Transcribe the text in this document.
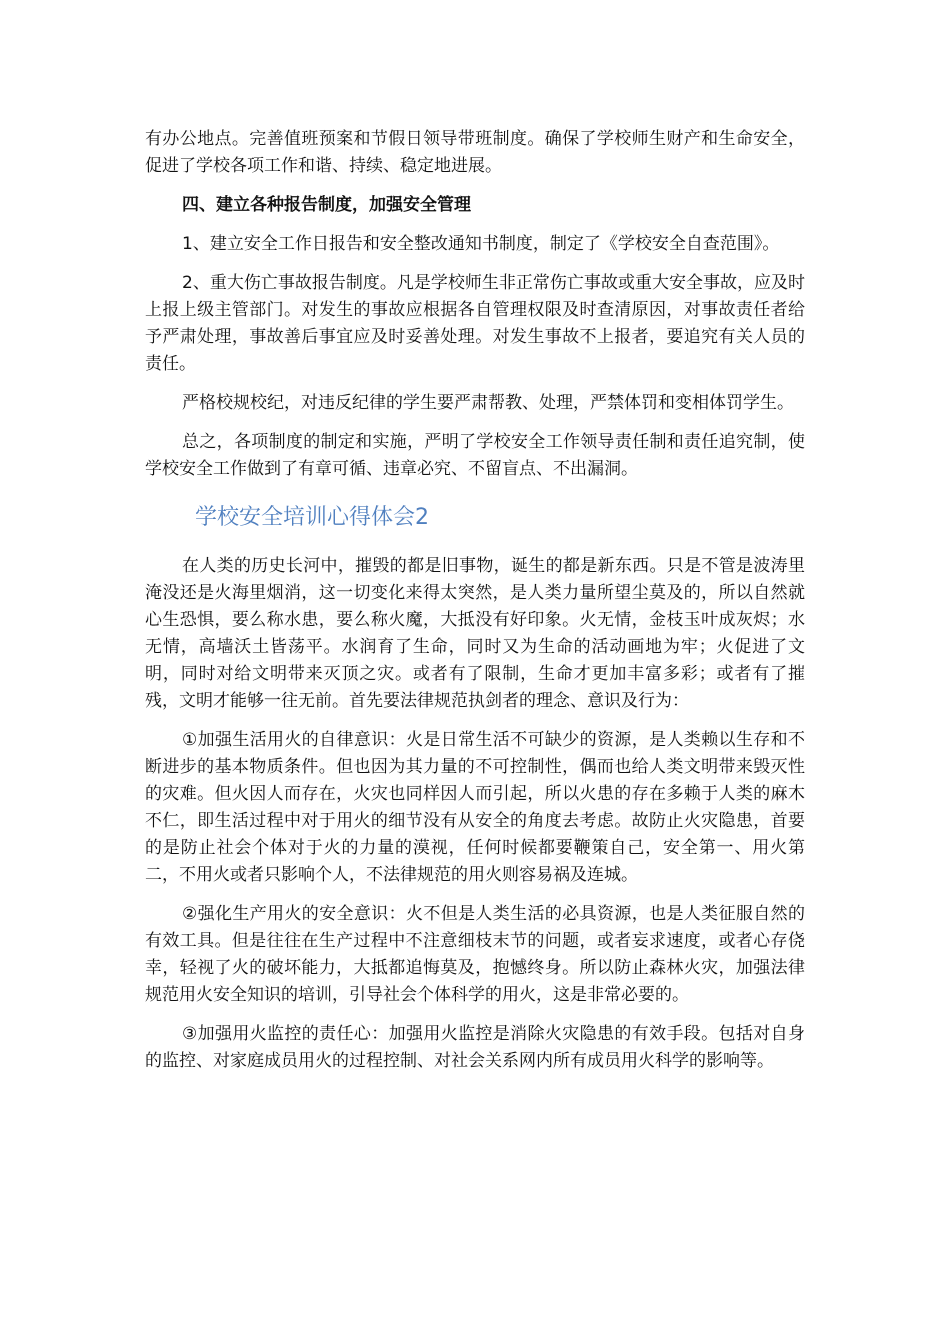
有办公地点。完善值班预案和节假日领导带班制度。确保了学校师生财产和生命安全，促进了学校各项工作和谐、持续、稳定地进展。

四、建立各种报告制度，加强安全管理

1、建立安全工作日报告和安全整改通知书制度，制定了《学校安全自查范围》。

2、重大伤亡事故报告制度。凡是学校师生非正常伤亡事故或重大安全事故，应及时上报上级主管部门。对发生的事故应根据各自管理权限及时查清原因，对事故责任者给予严肃处理，事故善后事宜应及时妥善处理。对发生事故不上报者，要追究有关人员的责任。

严格校规校纪，对违反纪律的学生要严肃帮教、处理，严禁体罚和变相体罚学生。

总之，各项制度的制定和实施，严明了学校安全工作领导责任制和责任追究制，使学校安全工作做到了有章可循、违章必究、不留盲点、不出漏洞。

学校安全培训心得体会2

在人类的历史长河中，摧毁的都是旧事物，诞生的都是新东西。只是不管是波涛里淹没还是火海里烟消，这一切变化来得太突然，是人类力量所望尘莫及的，所以自然就心生恐惧，要么称水患，要么称火魔，大抵没有好印象。火无情，金枝玉叶成灰烬；水无情，高墙沃土皆荡平。水润育了生命，同时又为生命的活动画地为牢；火促进了文明，同时对给文明带来灭顶之灾。或者有了限制，生命才更加丰富多彩；或者有了摧残，文明才能够一往无前。首先要法律规范执剑者的理念、意识及行为：

①加强生活用火的自律意识：火是日常生活不可缺少的资源，是人类赖以生存和不断进步的基本物质条件。但也因为其力量的不可控制性，偶而也给人类文明带来毁灭性的灾难。但火因人而存在，火灾也同样因人而引起，所以火患的存在多赖于人类的麻木不仁，即生活过程中对于用火的细节没有从安全的角度去考虑。故防止火灾隐患，首要的是防止社会个体对于火的力量的漠视，任何时候都要鞭策自己，安全第一、用火第二，不用火或者只影响个人，不法律规范的用火则容易祸及连城。

②强化生产用火的安全意识：火不但是人类生活的必具资源，也是人类征服自然的有效工具。但是往往在生产过程中不注意细枝末节的问题，或者妄求速度，或者心存侥幸，轻视了火的破坏能力，大抵都追悔莫及，抱憾终身。所以防止森林火灾，加强法律规范用火安全知识的培训，引导社会个体科学的用火，这是非常必要的。

③加强用火监控的责任心：加强用火监控是消除火灾隐患的有效手段。包括对自身的监控、对家庭成员用火的过程控制、对社会关系网内所有成员用火科学的影响等。
